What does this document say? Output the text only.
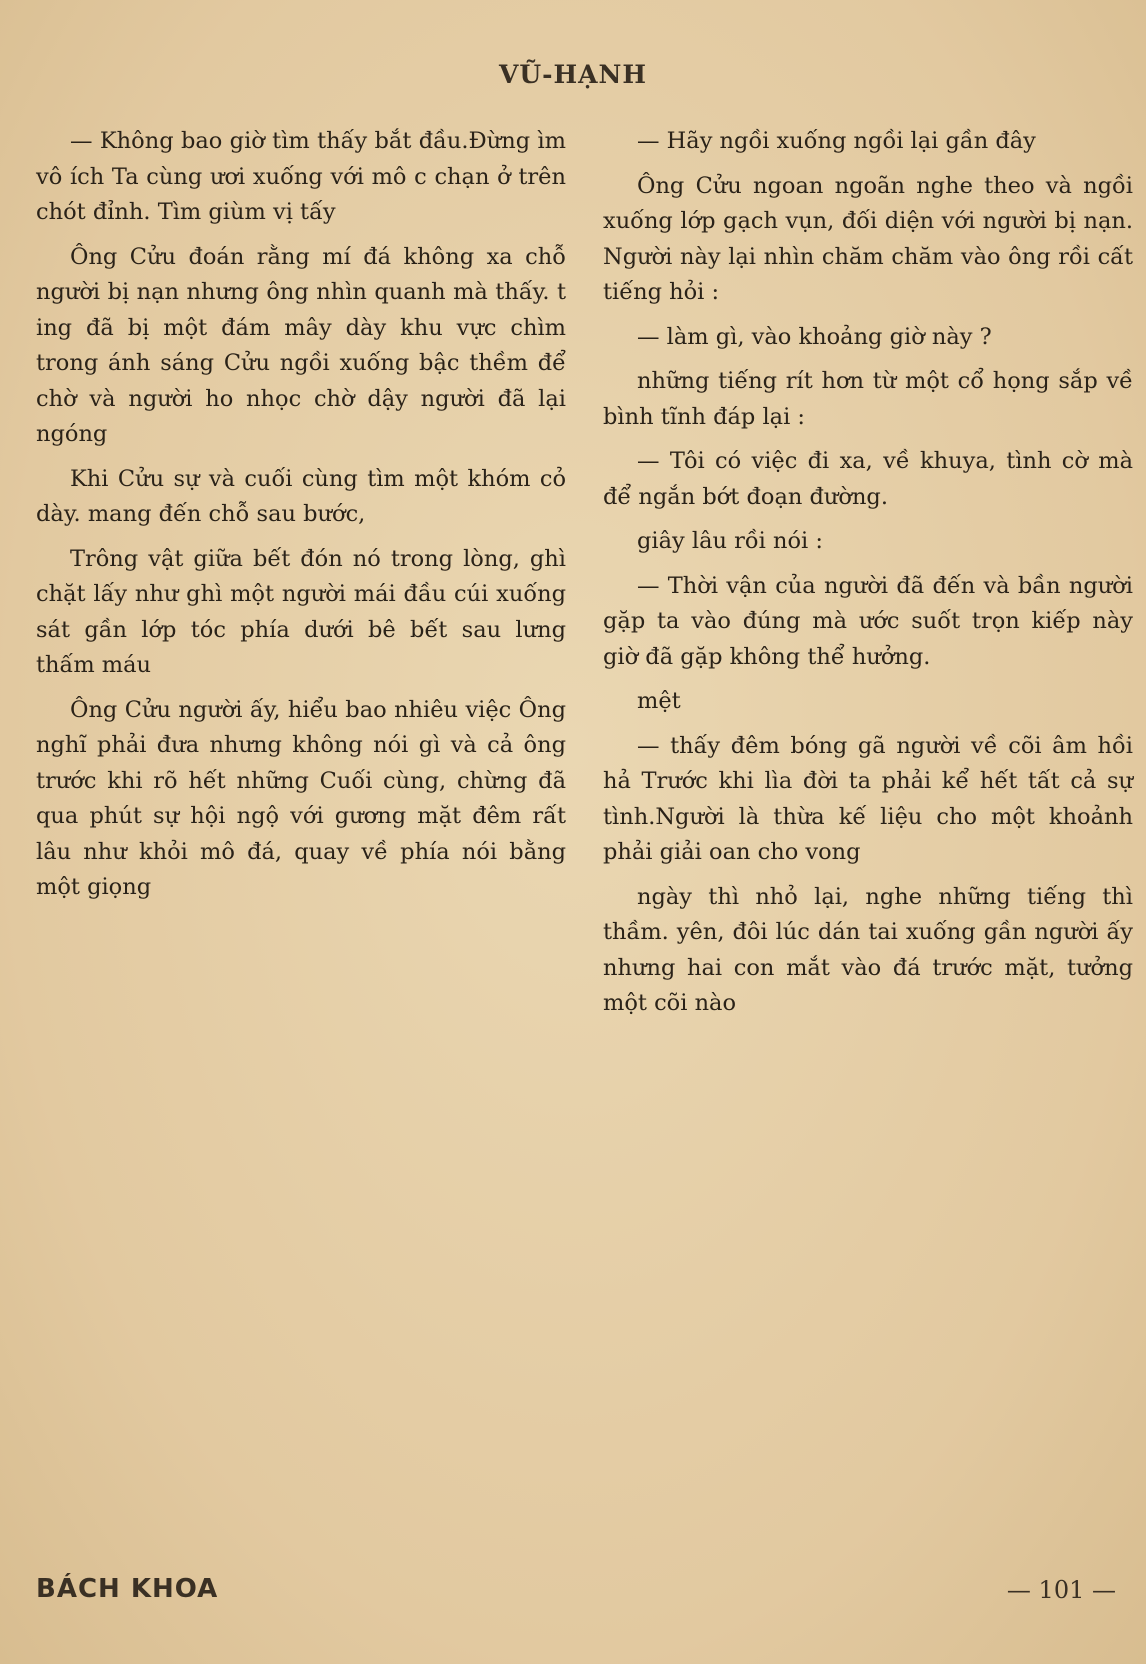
VŨ-HẠNH

— Không bao giờ tìm thấy bắt đầu.Đừng ìm vô ích Ta cùng ươi xuống với mô c chạn ở trên chót đỉnh. Tìm giùm vị tấy

Ông Cửu đoán rằng mí đá không xa chỗ người bị nạn nhưng ông nhìn quanh mà thấy. t ing đã bị một đám mây dày khu vực chìm trong ánh sáng Cửu ngồi xuống bậc thềm để chờ và người ho nhọc chờ dậy người đã lại ngóng

Khi Cửu sự và cuối cùng tìm một khóm cỏ dày. mang đến chỗ sau bước,

Trông vật giữa bết đón nó trong lòng, ghì chặt lấy như ghì một người mái đầu cúi xuống sát gần lớp tóc phía dưới bê bết sau lưng thấm máu

Ông Cửu người ấy, hiểu bao nhiêu việc Ông nghĩ phải đưa nhưng không nói gì và cả ông trước khi rõ hết những Cuối cùng, chừng đã qua phút sự hội ngộ với gương mặt đêm rất lâu như khỏi mô đá, quay về phía nói bằng một giọng

— Hãy ngồi xuống ngồi lại gần đây

Ông Cửu ngoan ngoãn nghe theo và ngồi xuống lớp gạch vụn, đối diện với người bị nạn. Người này lại nhìn chăm chăm vào ông rồi cất tiếng hỏi :

— làm gì, vào khoảng giờ này ?

những tiếng rít hơn từ một cổ họng sắp về bình tĩnh đáp lại :

— Tôi có việc đi xa, về khuya, tình cờ mà để ngắn bớt đoạn đường.

giây lâu rồi nói :

— Thời vận của người đã đến và bần người gặp ta vào đúng mà ước suốt trọn kiếp này giờ đã gặp không thể hưởng.

mệt

— thấy đêm bóng gã người về cõi âm hồi hả Trước khi lìa đời ta phải kể hết tất cả sự tình.Người là thừa kế liệu cho một khoảnh phải giải oan cho vong

ngày thì nhỏ lại, nghe những tiếng thì thầm. yên, đôi lúc dán tai xuống gần người ấy nhưng hai con mắt vào đá trước mặt, tưởng một cõi nào

BÁCH KHOA	— 101 —
